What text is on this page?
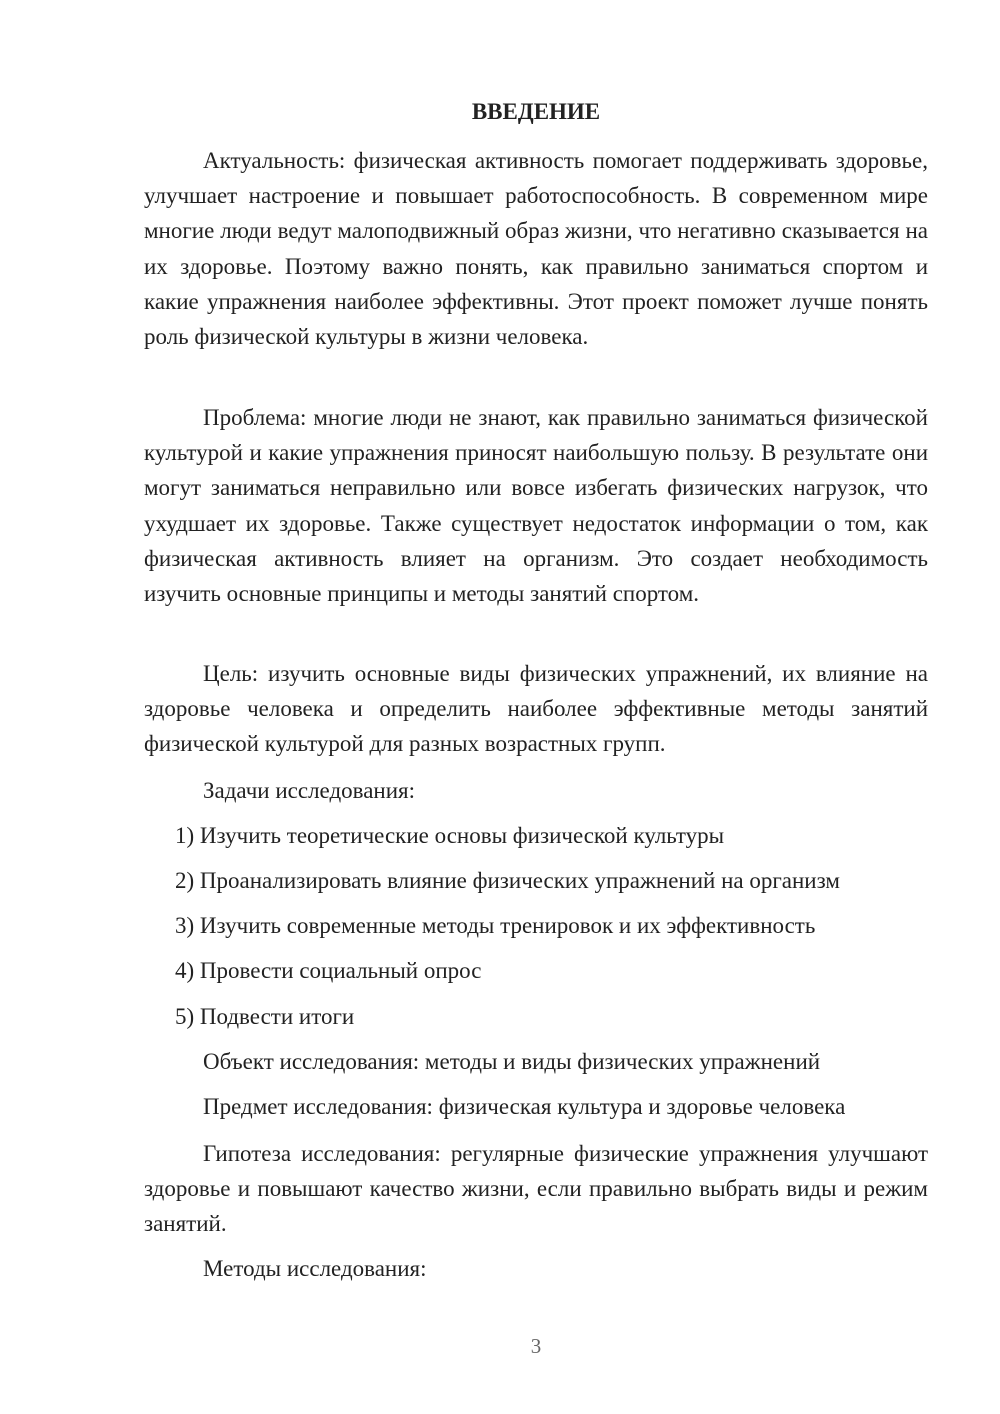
ВВЕДЕНИЕ

Актуальность: физическая активность помогает поддерживать здоровье, улучшает настроение и повышает работоспособность. В современном мире многие люди ведут малоподвижный образ жизни, что негативно сказывается на их здоровье. Поэтому важно понять, как правильно заниматься спортом и какие упражнения наиболее эффективны. Этот проект поможет лучше понять роль физической культуры в жизни человека.

Проблема: многие люди не знают, как правильно заниматься физической культурой и какие упражнения приносят наибольшую пользу. В результате они могут заниматься неправильно или вовсе избегать физических нагрузок, что ухудшает их здоровье. Также существует недостаток информации о том, как физическая активность влияет на организм. Это создает необходимость изучить основные принципы и методы занятий спортом.

Цель: изучить основные виды физических упражнений, их влияние на здоровье человека и определить наиболее эффективные методы занятий физической культурой для разных возрастных групп.

Задачи исследования:
1) Изучить теоретические основы физической культуры
2) Проанализировать влияние физических упражнений на организм
3) Изучить современные методы тренировок и их эффективность
4) Провести социальный опрос
5) Подвести итоги
Объект исследования: методы и виды физических упражнений
Предмет исследования: физическая культура и здоровье человека

Гипотеза исследования: регулярные физические упражнения улучшают здоровье и повышают качество жизни, если правильно выбрать виды и режим занятий.

Методы исследования:
3
